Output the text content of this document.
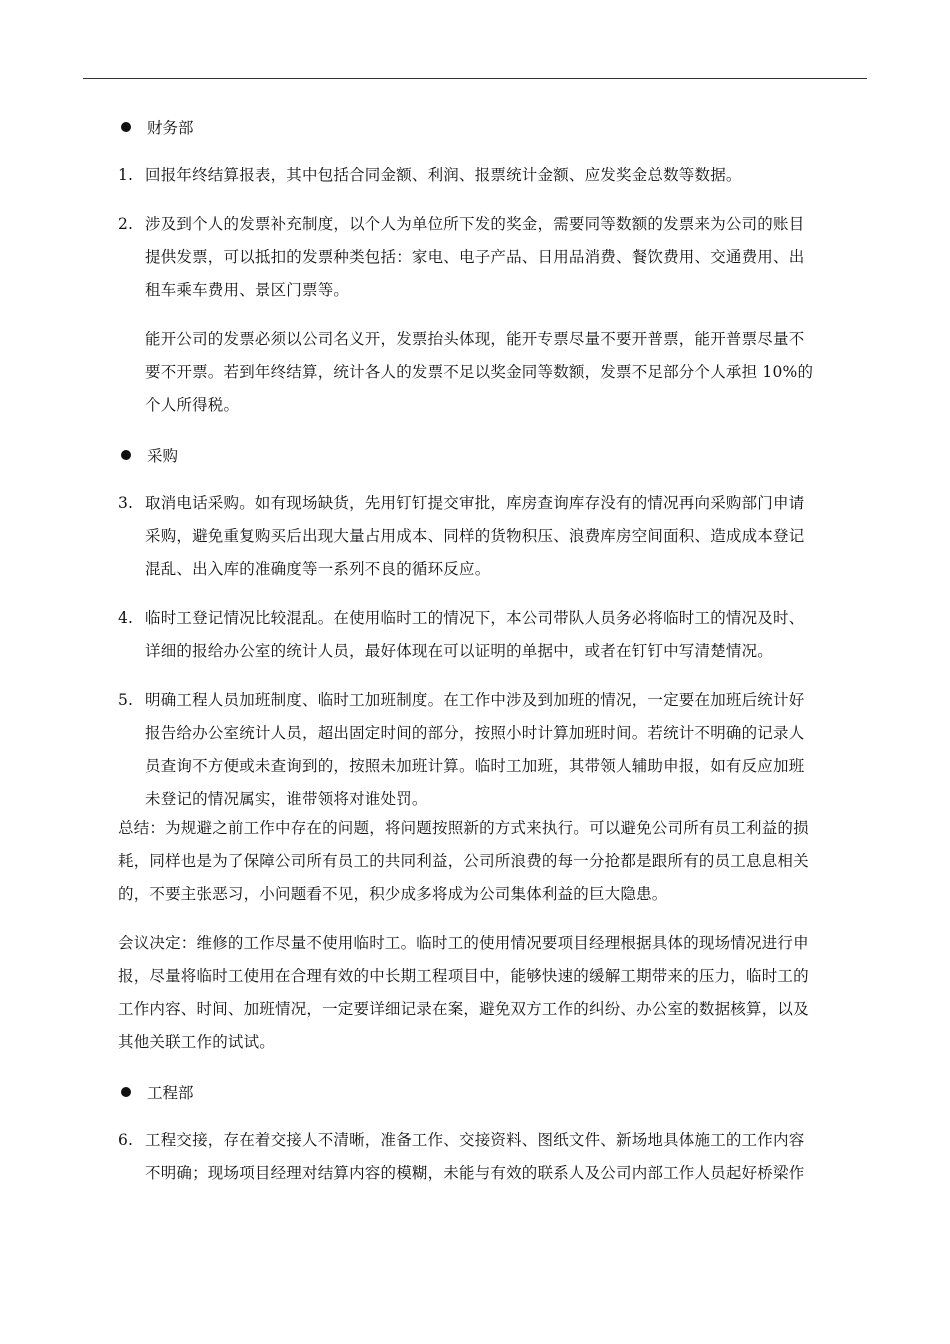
财务部
1. 回报年终结算报表，其中包括合同金额、利润、报票统计金额、应发奖金总数等数据。
2. 涉及到个人的发票补充制度，以个人为单位所下发的奖金，需要同等数额的发票来为公司的账目
提供发票，可以抵扣的发票种类包括：家电、电子产品、日用品消费、餐饮费用、交通费用、出
租车乘车费用、景区门票等。
能开公司的发票必须以公司名义开，发票抬头体现，能开专票尽量不要开普票，能开普票尽量不
要不开票。若到年终结算，统计各人的发票不足以奖金同等数额，发票不足部分个人承担 10%的
个人所得税。
采购
3. 取消电话采购。如有现场缺货，先用钉钉提交审批，库房查询库存没有的情况再向采购部门申请
采购，避免重复购买后出现大量占用成本、同样的货物积压、浪费库房空间面积、造成成本登记
混乱、出入库的准确度等一系列不良的循环反应。
4. 临时工登记情况比较混乱。在使用临时工的情况下，本公司带队人员务必将临时工的情况及时、
详细的报给办公室的统计人员，最好体现在可以证明的单据中，或者在钉钉中写清楚情况。
5. 明确工程人员加班制度、临时工加班制度。在工作中涉及到加班的情况，一定要在加班后统计好
报告给办公室统计人员，超出固定时间的部分，按照小时计算加班时间。若统计不明确的记录人
员查询不方便或未查询到的，按照未加班计算。临时工加班，其带领人辅助申报，如有反应加班
未登记的情况属实，谁带领将对谁处罚。
总结：为规避之前工作中存在的问题，将问题按照新的方式来执行。可以避免公司所有员工利益的损
耗，同样也是为了保障公司所有员工的共同利益，公司所浪费的每一分抢都是跟所有的员工息息相关
的，不要主张恶习，小问题看不见，积少成多将成为公司集体利益的巨大隐患。
会议决定：维修的工作尽量不使用临时工。临时工的使用情况要项目经理根据具体的现场情况进行申
报，尽量将临时工使用在合理有效的中长期工程项目中，能够快速的缓解工期带来的压力，临时工的
工作内容、时间、加班情况，一定要详细记录在案，避免双方工作的纠纷、办公室的数据核算，以及
其他关联工作的试试。
工程部
6. 工程交接，存在着交接人不清晰，准备工作、交接资料、图纸文件、新场地具体施工的工作内容
不明确；现场项目经理对结算内容的模糊，未能与有效的联系人及公司内部工作人员起好桥梁作
